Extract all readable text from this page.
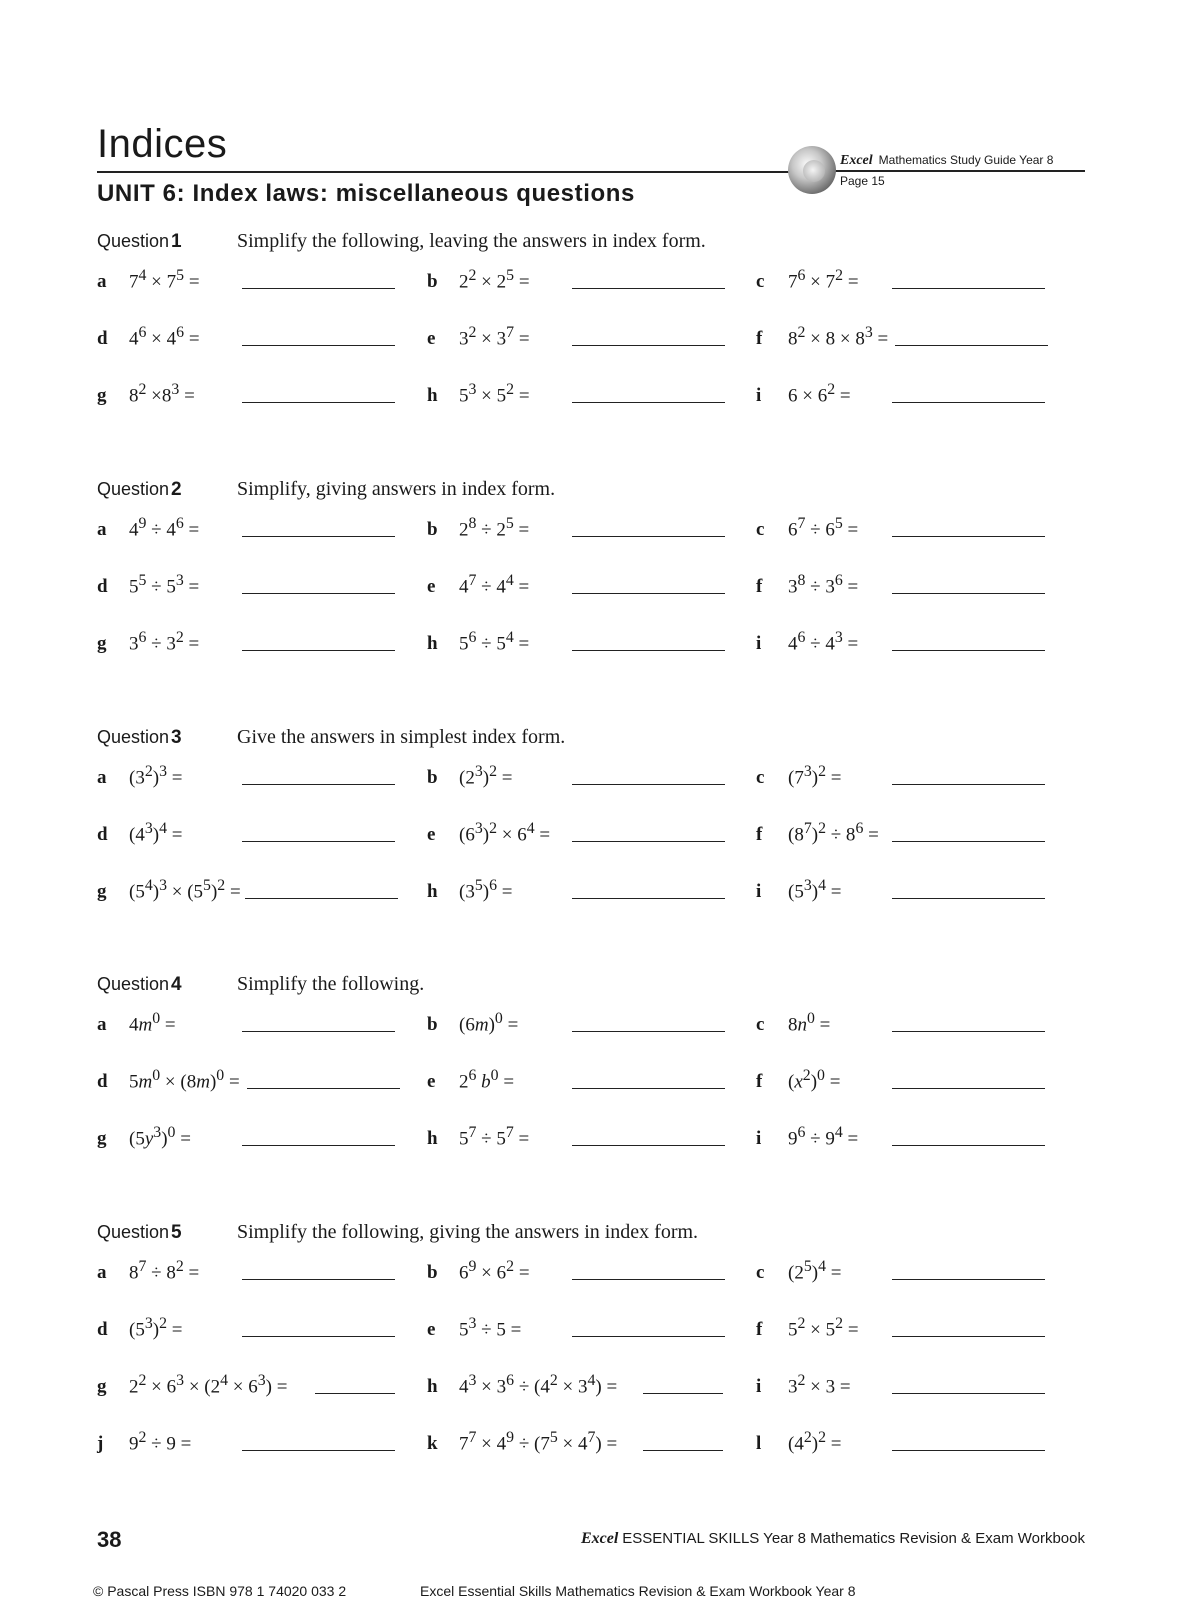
Indices	Excel Mathematics Study Guide Year 8
Page 15
UNIT 6: Index laws: miscellaneous questions
Question 1	Simplify the following, leaving the answers in index form.
a $7^4 \times 7^5$ =	b $2^2 \times 2^5$ =	c $7^6 \times 7^2$ =
d $4^6 \times 4^6$ =	e $3^2 \times 3^7$ =	f $8^2 \times 8 \times 8^3$ =
g $8^2 \times 8^3$ =	h $5^3 \times 5^2$ =	i $6 \times 6^2$ =
Question 2	Simplify, giving answers in index form.
a $4^9 \div 4^6$ =	b $2^8 \div 2^5$ =	c $6^7 \div 6^5$ =
d $5^5 \div 5^3$ =	e $4^7 \div 4^4$ =	f $3^8 \div 3^6$ =
g $3^6 \div 3^2$ =	h $5^6 \div 5^4$ =	i $4^6 \div 4^3$ =
Question 3	Give the answers in simplest index form.
a $(3^2)^3$ =	b $(2^3)^2$ =	c $(7^3)^2$ =
d $(4^3)^4$ =	e $(6^3)^2 \times 6^4$ =	f $(8^7)^2 \div 8^6$ =
g $(5^4)^3 \times (5^5)^2$ =	h $(3^5)^6$ =	i $(5^3)^4$ =
Question 4	Simplify the following.
a $4m^0$ =	b $(6m)^0$ =	c $8n^0$ =
d $5m^0 \times (8m)^0$ =	e $2^6$ $b^0$ =	f $(x^2)^0$ =
g $(5y^3)^0$ =	h $5^7 \div 5^7$ =	i $9^6 \div 9^4$ =
Question 5	Simplify the following, giving the answers in index form.
a $8^7 \div 8^2$ =	b $6^9 \times 6^2$ =	c $(2^5)^4$ =
d $(5^3)^2$ =	e $5^3 \div 5$ =	f $5^2 \times 5^2$ =
g $2^2 \times 6^3 \times (2^4 \times 6^3)$ =	h $4^3 \times 3^6 \div (4^2 \times 3^4)$ =	i $3^2 \times 3$ =
j $9^2 \div 9$ =	k $7^7 \times 4^9 \div (7^5 \times 4^7)$ =	l $(4^2)^2$ =
38	Excel ESSENTIAL SKILLS Year 8 Mathematics Revision & Exam Workbook
© Pascal Press ISBN 978 1 74020 033 2	Excel Essential Skills Mathematics Revision & Exam Workbook Year 8
